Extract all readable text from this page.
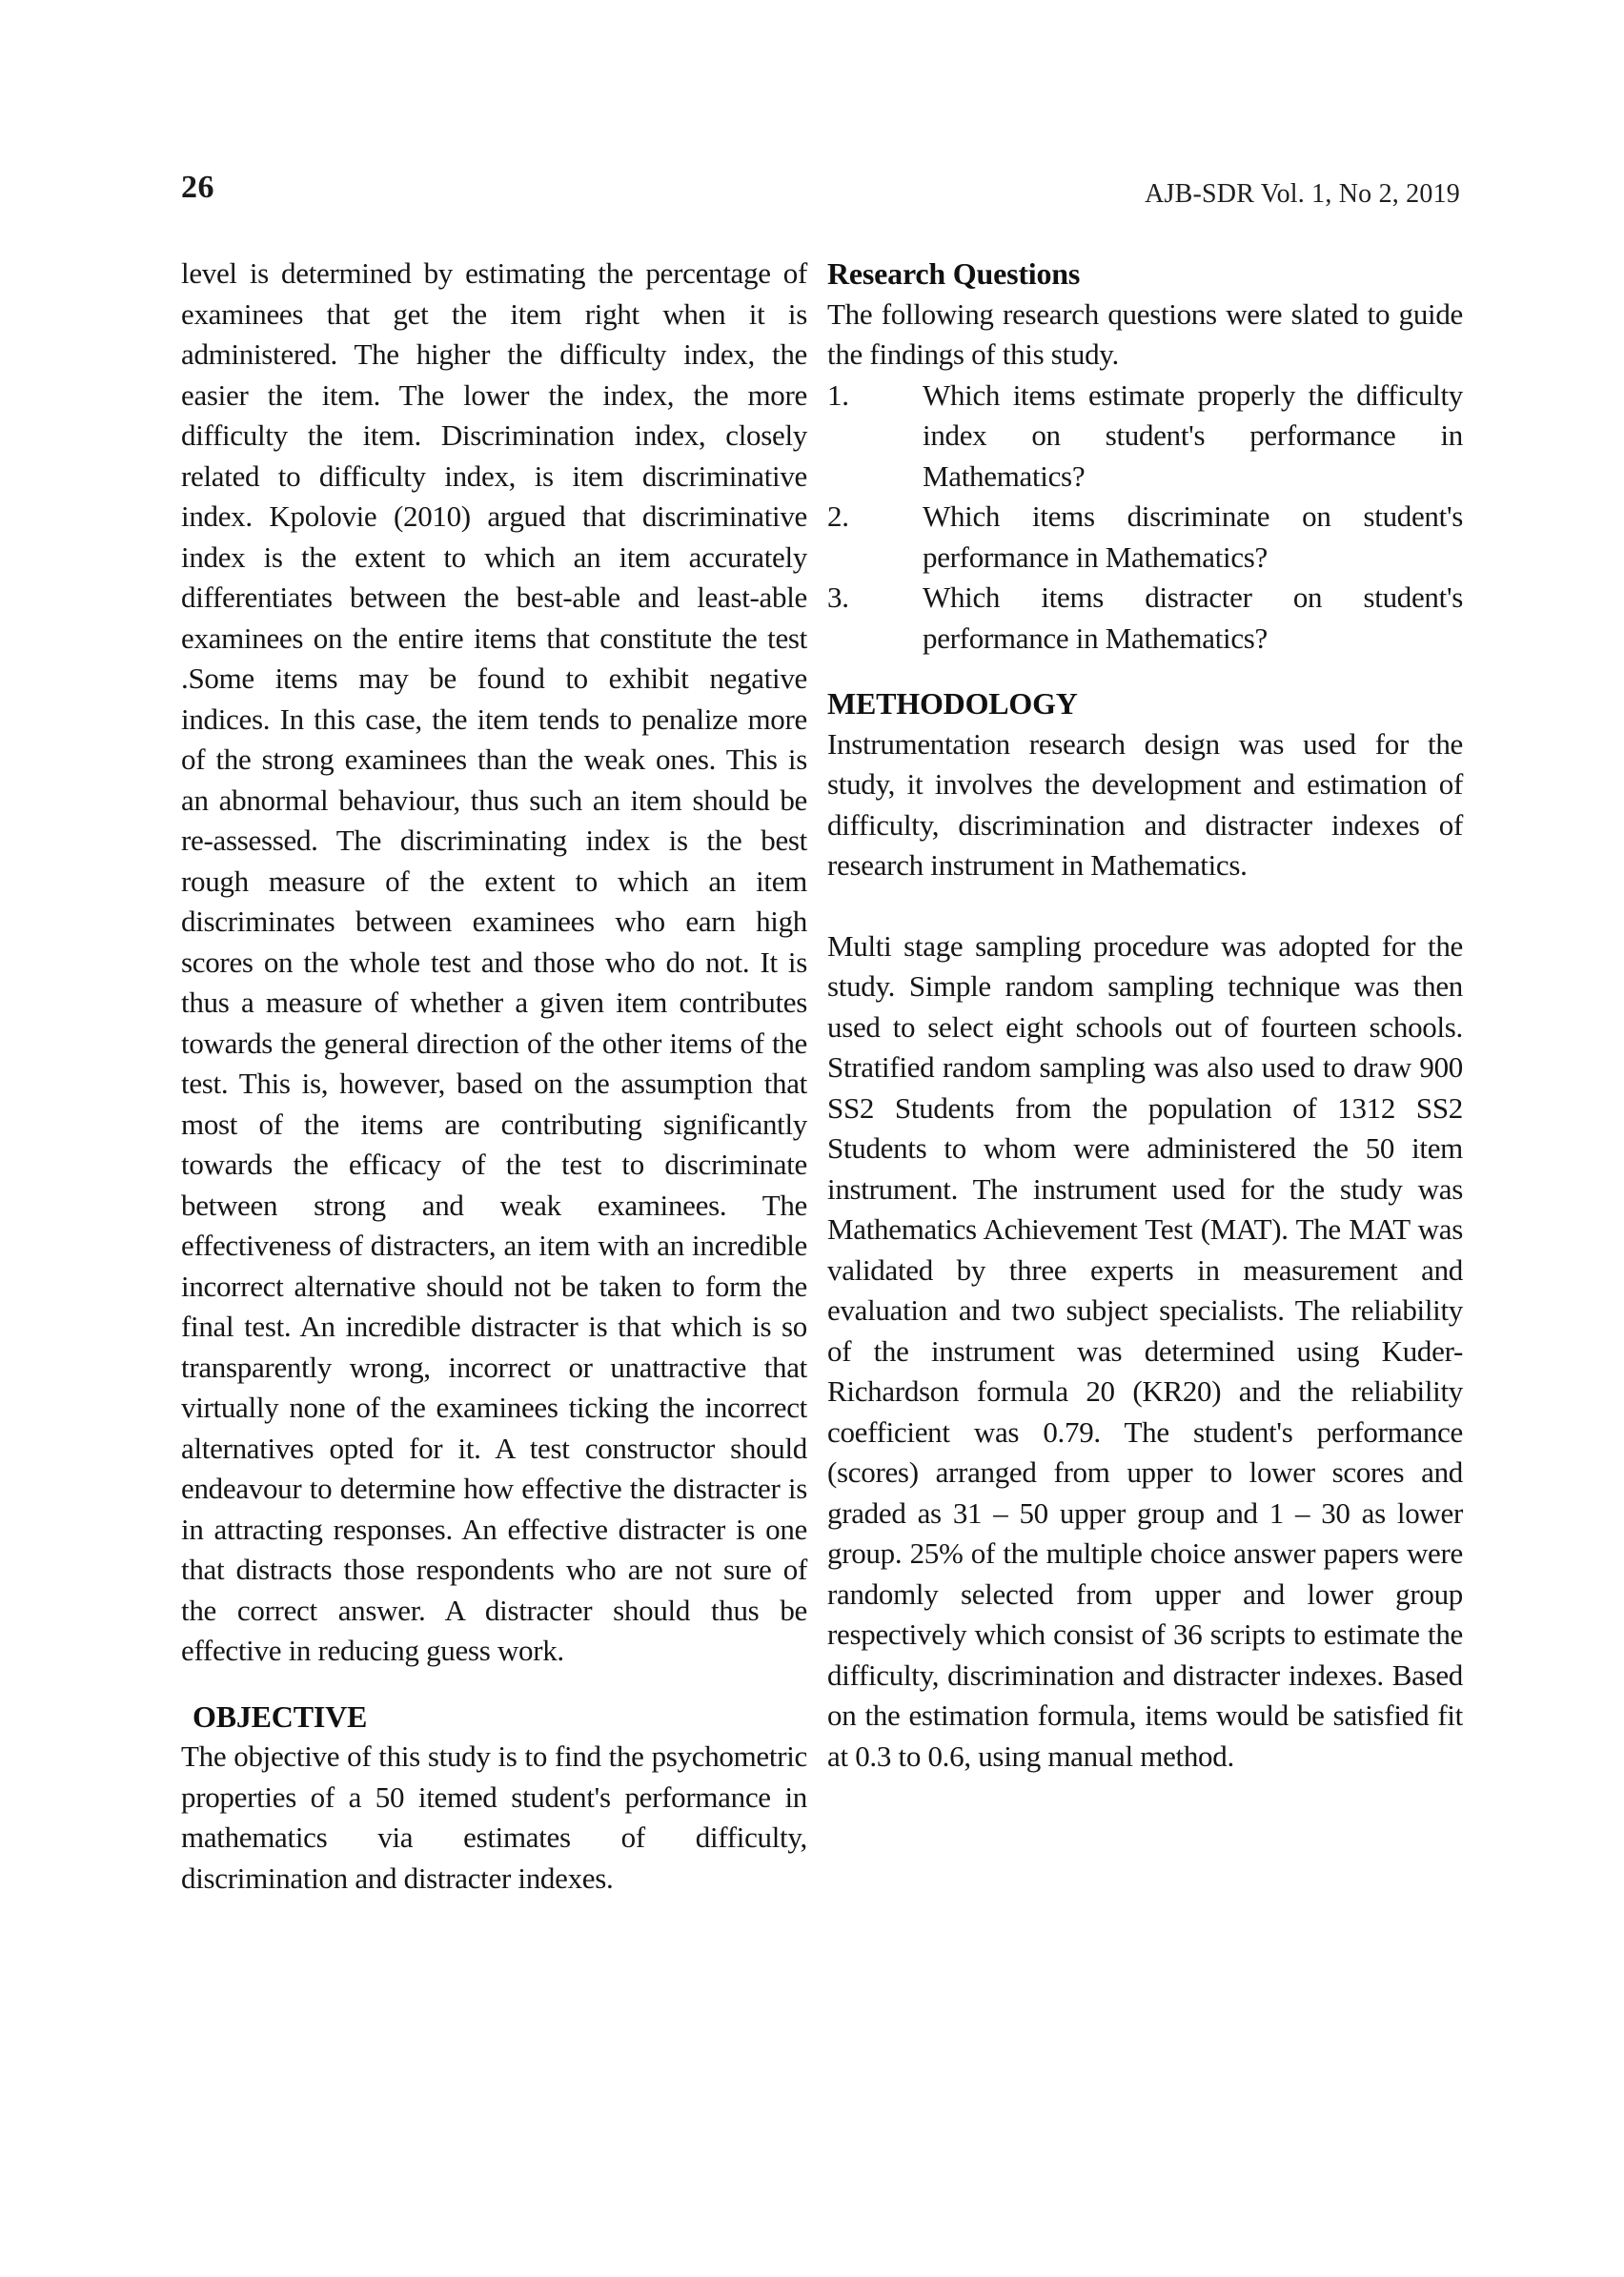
26	AJB-SDR Vol. 1, No 2, 2019

level is determined by estimating the percentage of examinees that get the item right when it is administered. The higher the difficulty index, the easier the item. The lower the index, the more difficulty the item. Discrimination index, closely related to difficulty index, is item discriminative index. Kpolovie (2010) argued that discriminative index is the extent to which an item accurately differentiates between the best-able and least-able examinees on the entire items that constitute the test .Some items may be found to exhibit negative indices. In this case, the item tends to penalize more of the strong examinees than the weak ones. This is an abnormal behaviour, thus such an item should be re-assessed. The discriminating index is the best rough measure of the extent to which an item discriminates between examinees who earn high scores on the whole test and those who do not. It is thus a measure of whether a given item contributes towards the general direction of the other items of the test. This is, however, based on the assumption that most of the items are contributing significantly towards the efficacy of the test to discriminate between strong and weak examinees. The effectiveness of distracters, an item with an incredible incorrect alternative should not be taken to form the final test. An incredible distracter is that which is so transparently wrong, incorrect or unattractive that virtually none of the examinees ticking the incorrect alternatives opted for it. A test constructor should endeavour to determine how effective the distracter is in attracting responses. An effective distracter is one that distracts those respondents who are not sure of the correct answer. A distracter should thus be effective in reducing guess work.

OBJECTIVE

The objective of this study is to find the psychometric properties of a 50 itemed student's performance in mathematics via estimates of difficulty, discrimination and distracter indexes.

Research Questions

The following research questions were slated to guide the findings of this study.

1. Which items estimate properly the difficulty index on student's performance in Mathematics?
2. Which items discriminate on student's performance in Mathematics?
3. Which items distracter on student's performance in Mathematics?
METHODOLOGY

Instrumentation research design was used for the study, it involves the development and estimation of difficulty, discrimination and distracter indexes of research instrument in Mathematics.

Multi stage sampling procedure was adopted for the study. Simple random sampling technique was then used to select eight schools out of fourteen schools. Stratified random sampling was also used to draw 900 SS2 Students from the population of 1312 SS2 Students to whom were administered the 50 item instrument. The instrument used for the study was Mathematics Achievement Test (MAT). The MAT was validated by three experts in measurement and evaluation and two subject specialists. The reliability of the instrument was determined using Kuder-Richardson formula 20 (KR20) and the reliability coefficient was 0.79. The student's performance (scores) arranged from upper to lower scores and graded as 31 – 50 upper group and 1 – 30 as lower group. 25% of the multiple choice answer papers were randomly selected from upper and lower group respectively which consist of 36 scripts to estimate the difficulty, discrimination and distracter indexes. Based on the estimation formula, items would be satisfied fit at 0.3 to 0.6, using manual method.
